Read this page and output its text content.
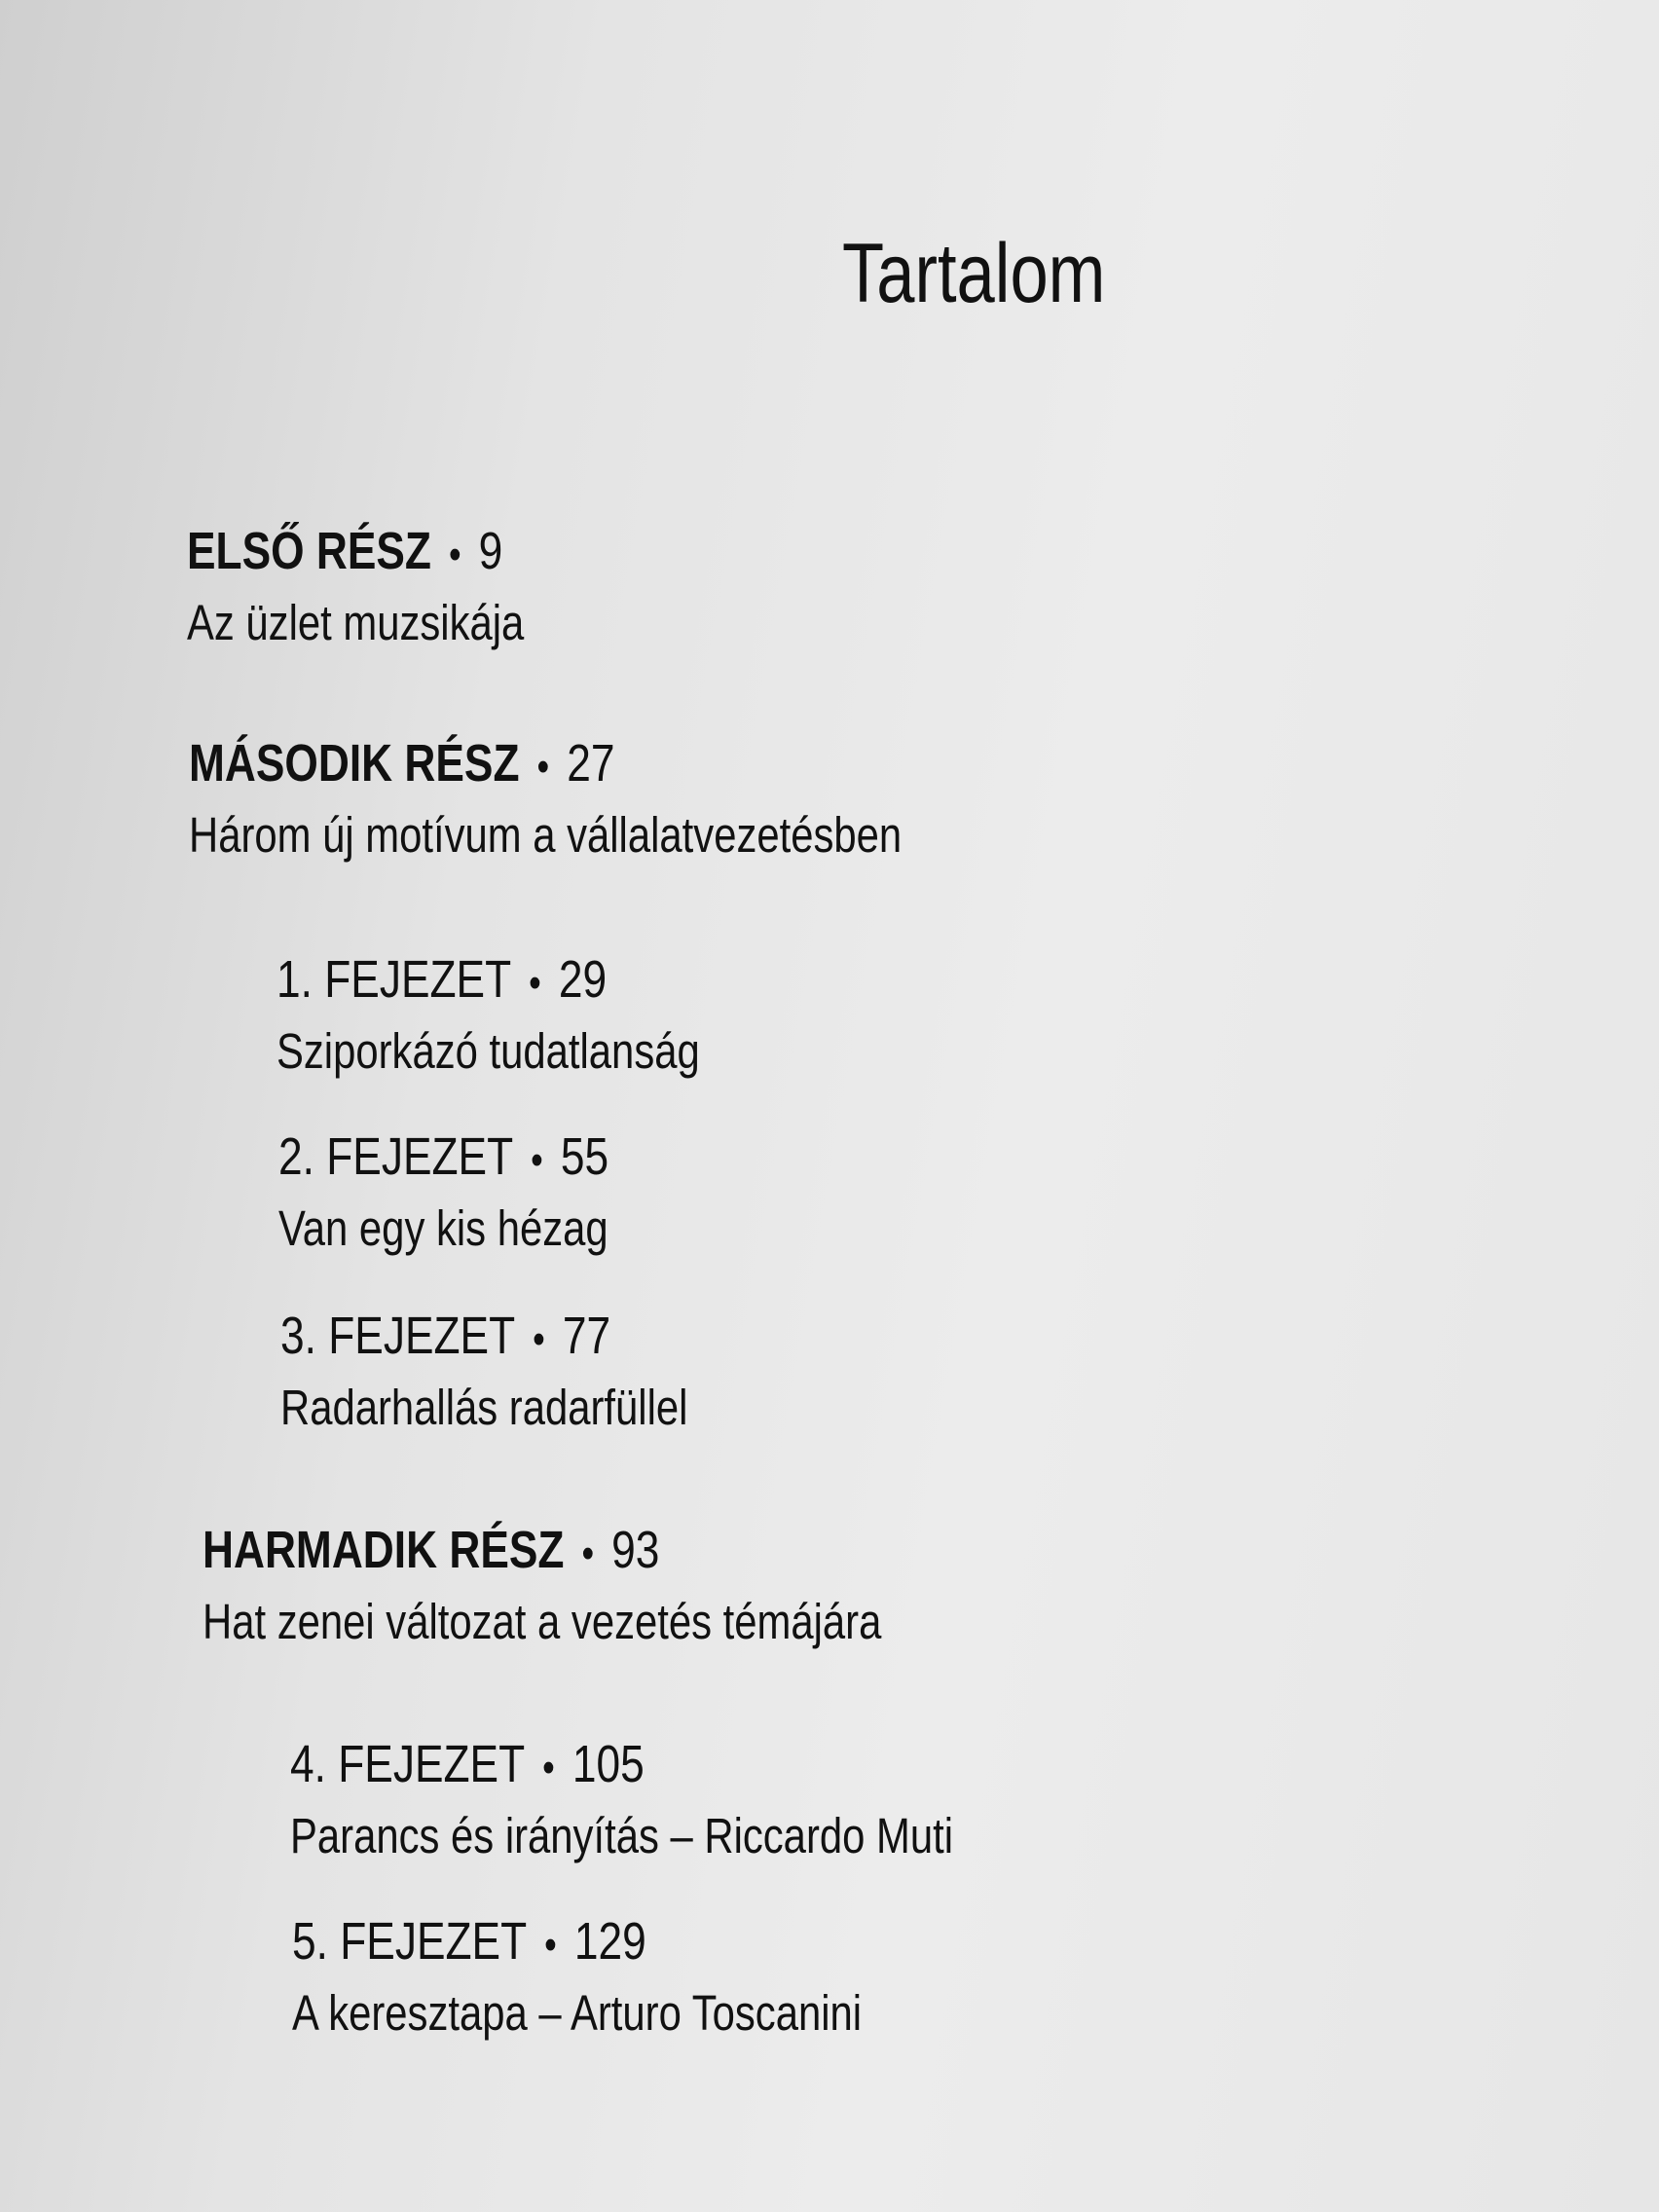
Tartalom
ELSŐ RÉSZ • 9
Az üzlet muzsikája
MÁSODIK RÉSZ • 27
Három új motívum a vállalatvezetésben
1. FEJEZET • 29
Sziporkázó tudatlanság
2. FEJEZET • 55
Van egy kis hézag
3. FEJEZET • 77
Radarhallás radarfüllel
HARMADIK RÉSZ • 93
Hat zenei változat a vezetés témájára
4. FEJEZET • 105
Parancs és irányítás – Riccardo Muti
5. FEJEZET • 129
A keresztapa – Arturo Toscanini
